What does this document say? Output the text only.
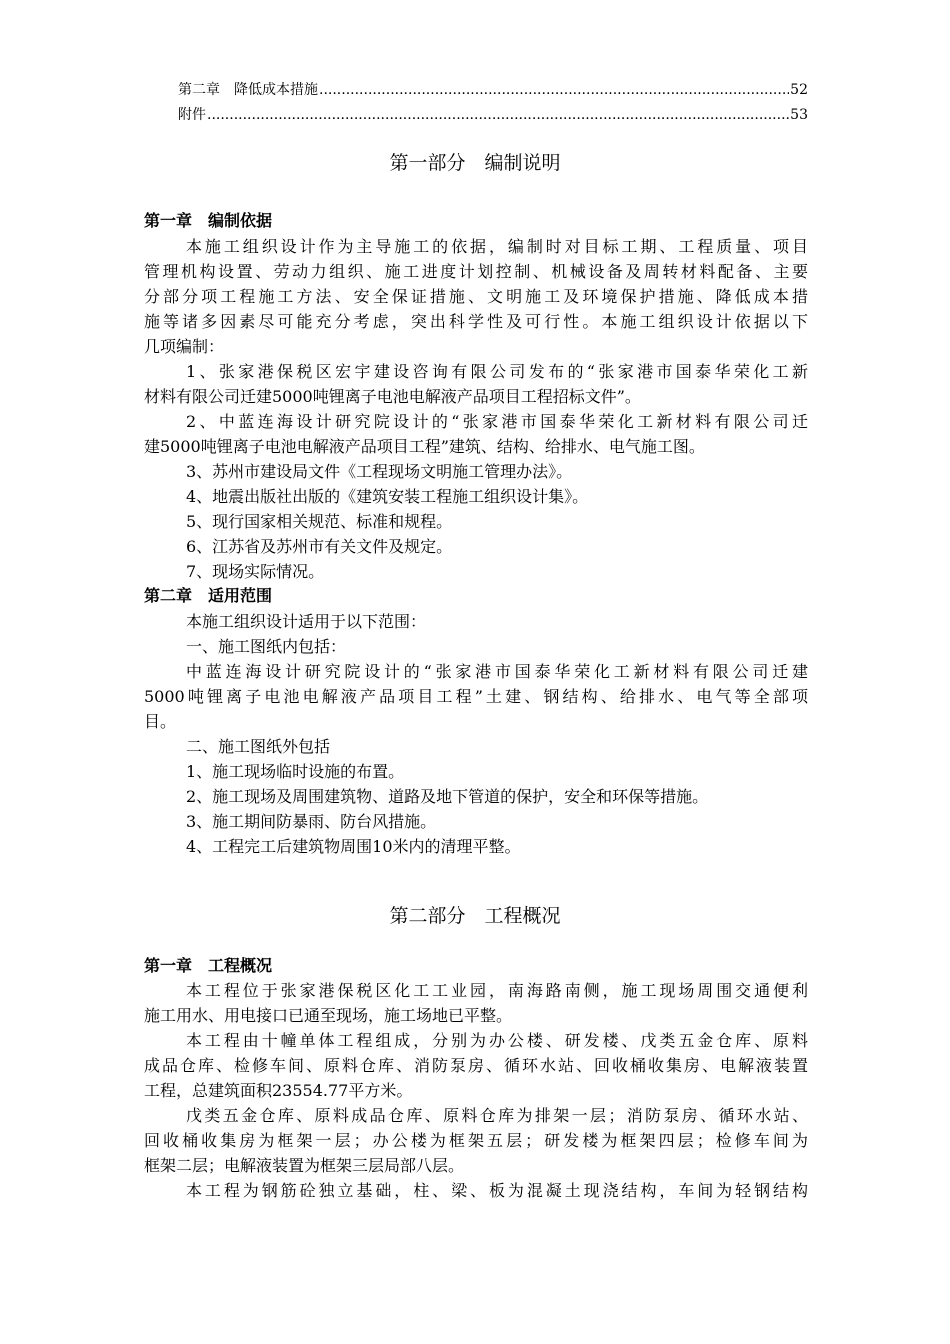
第二章　降低成本措施 .....	52
附件 .....	53
第一部分　编制说明
第一章　编制依据
本施工组织设计作为主导施工的依据，编制时对目标工期、工程质量、项目
管理机构设置、劳动力组织、施工进度计划控制、机械设备及周转材料配备、主要
分部分项工程施工方法、安全保证措施、文明施工及环境保护措施、降低成本措
施等诸多因素尽可能充分考虑，突出科学性及可行性。本施工组织设计依据以下
几项编制：
1、张家港保税区宏宇建设咨询有限公司发布的“张家港市国泰华荣化工新
材料有限公司迁建5000吨锂离子电池电解液产品项目工程招标文件”。
2、中蓝连海设计研究院设计的“张家港市国泰华荣化工新材料有限公司迁
建5000吨锂离子电池电解液产品项目工程”建筑、结构、给排水、电气施工图。
3、苏州市建设局文件《工程现场文明施工管理办法》。
4、地震出版社出版的《建筑安装工程施工组织设计集》。
5、现行国家相关规范、标准和规程。
6、江苏省及苏州市有关文件及规定。
7、现场实际情况。
第二章　适用范围
本施工组织设计适用于以下范围：
一、施工图纸内包括：
中蓝连海设计研究院设计的“张家港市国泰华荣化工新材料有限公司迁建
5000吨锂离子电池电解液产品项目工程”土建、钢结构、给排水、电气等全部项
目。
二、施工图纸外包括
1、施工现场临时设施的布置。
2、施工现场及周围建筑物、道路及地下管道的保护，安全和环保等措施。
3、施工期间防暴雨、防台风措施。
4、工程完工后建筑物周围10米内的清理平整。
第二部分　工程概况
第一章　工程概况
本工程位于张家港保税区化工工业园，南海路南侧，施工现场周围交通便利
施工用水、用电接口已通至现场，施工场地已平整。
本工程由十幢单体工程组成，分别为办公楼、研发楼、戊类五金仓库、原料
成品仓库、检修车间、原料仓库、消防泵房、循环水站、回收桶收集房、电解液装置
工程，总建筑面积23554.77平方米。
戊类五金仓库、原料成品仓库、原料仓库为排架一层；消防泵房、循环水站、
回收桶收集房为框架一层；办公楼为框架五层；研发楼为框架四层；检修车间为
框架二层；电解液装置为框架三层局部八层。
本工程为钢筋砼独立基础，柱、梁、板为混凝土现浇结构，车间为轻钢结构
